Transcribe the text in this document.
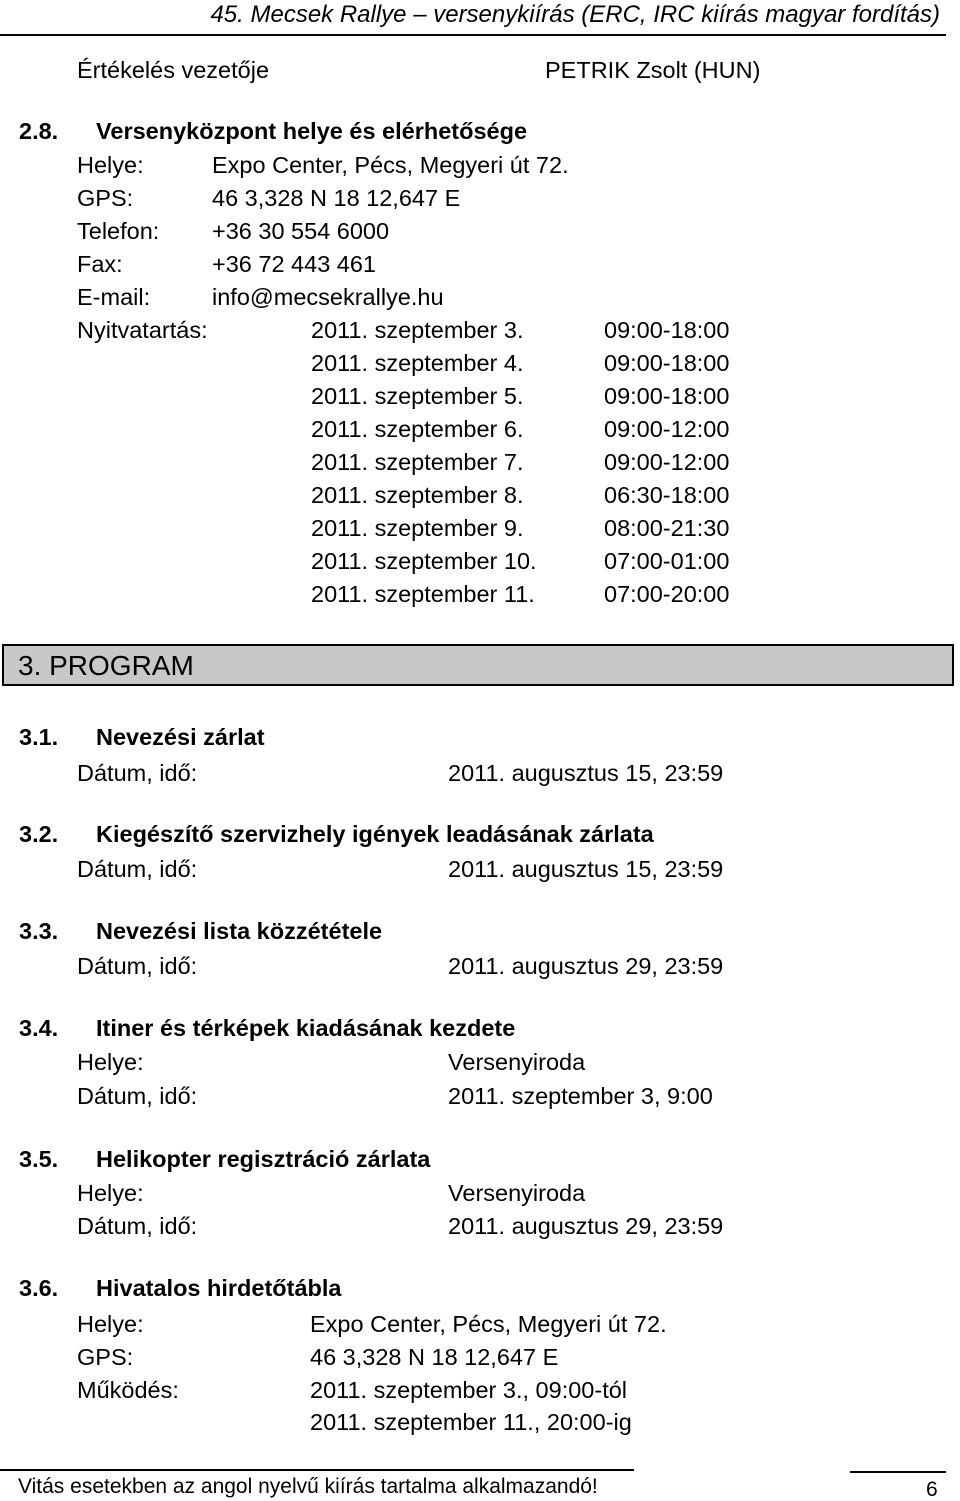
45. Mecsek Rallye – versenykiírás (ERC, IRC kiírás magyar fordítás)
Értékelés vezetője	PETRIK Zsolt (HUN)
2.8. Versenyközpont helye és elérhetősége
Helye:	Expo Center, Pécs, Megyeri út 72.
GPS:	46 3,328 N 18 12,647 E
Telefon: +36 30 554 6000
Fax:	+36 72 443 461
E-mail:	info@mecsekrallye.hu
Nyitvatartás:	2011. szeptember 3.	09:00-18:00
2011. szeptember 4.	09:00-18:00
2011. szeptember 5.	09:00-18:00
2011. szeptember 6.	09:00-12:00
2011. szeptember 7.	09:00-12:00
2011. szeptember 8.	06:30-18:00
2011. szeptember 9.	08:00-21:30
2011. szeptember 10.	07:00-01:00
2011. szeptember 11.	07:00-20:00
3. PROGRAM
3.1. Nevezési zárlat
Dátum, idő:	2011. augusztus 15, 23:59
3.2. Kiegészítő szervizhely igények leadásának zárlata
Dátum, idő:	2011. augusztus 15, 23:59
3.3. Nevezési lista közzététele
Dátum, idő:	2011. augusztus 29, 23:59
3.4. Itiner és térképek kiadásának kezdete
Helye:	Versenyiroda
Dátum, idő:	2011. szeptember 3, 9:00
3.5. Helikopter regisztráció zárlata
Helye:	Versenyiroda
Dátum, idő:	2011. augusztus 29, 23:59
3.6. Hivatalos hirdetőtábla
Helye:	Expo Center, Pécs, Megyeri út 72.
GPS:	46 3,328 N 18 12,647 E
Működés:	2011. szeptember 3., 09:00-tól
2011. szeptember 11., 20:00-ig
Vitás esetekben az angol nyelvű kiírás tartalma alkalmazandó!	6
